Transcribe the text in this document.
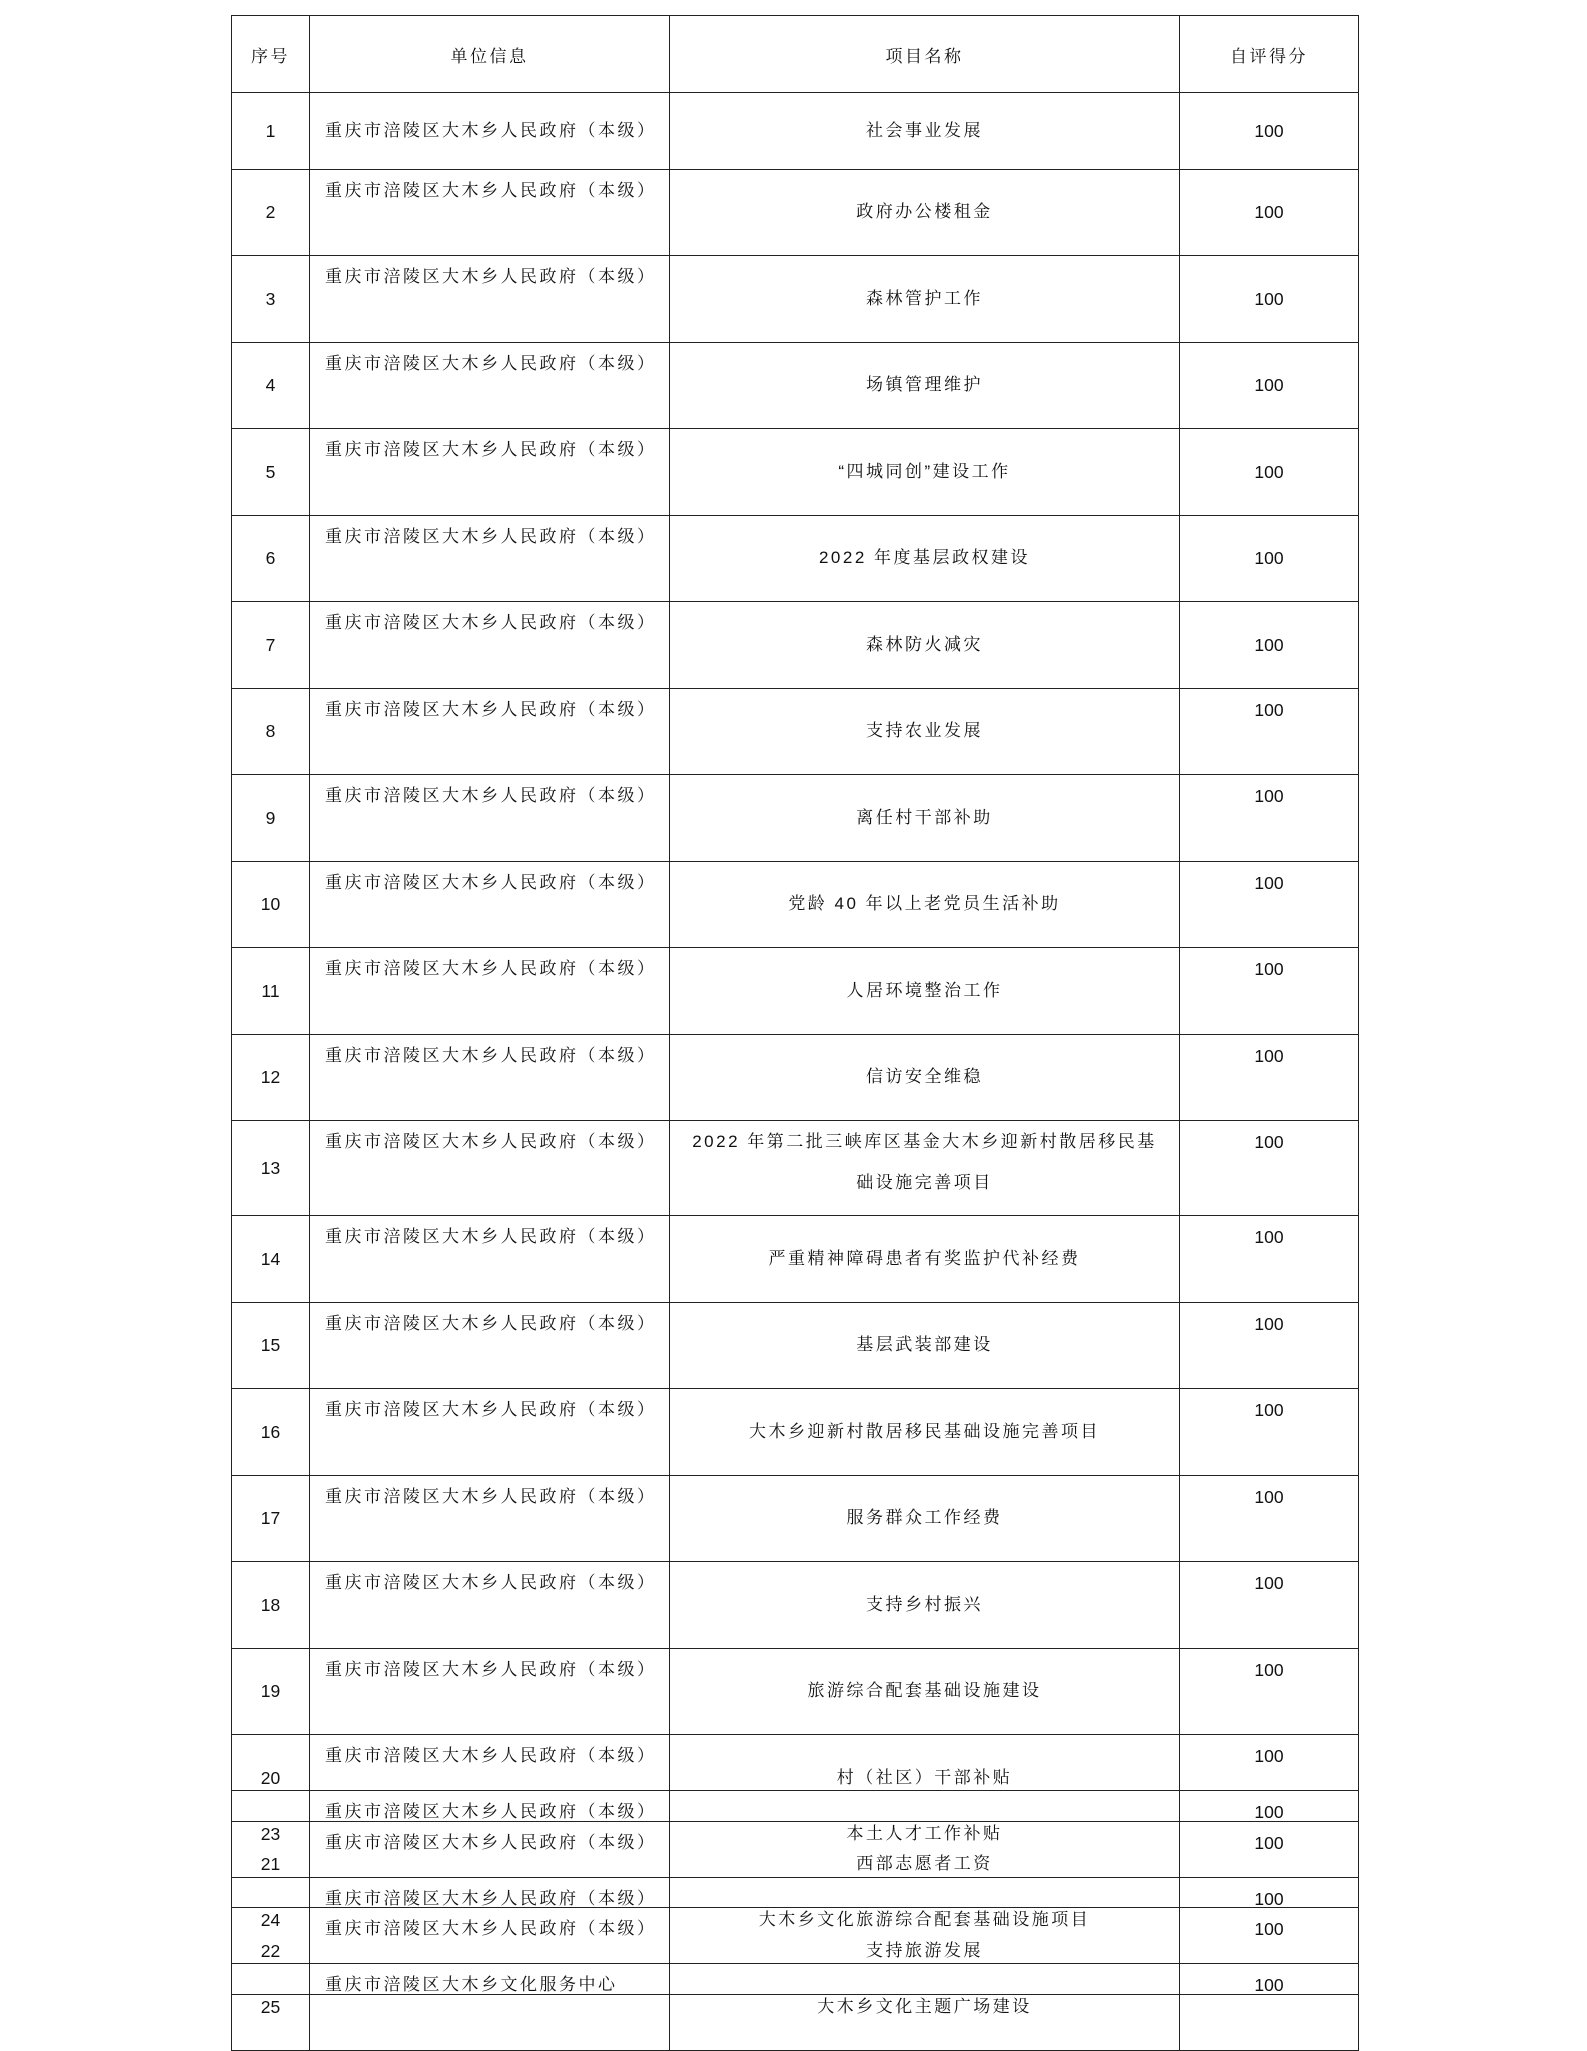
序号	单位信息	项目名称	自评得分
1	重庆市涪陵区大木乡人民政府（本级）	社会事业发展	100
2	重庆市涪陵区大木乡人民政府（本级）	政府办公楼租金	100
3	重庆市涪陵区大木乡人民政府（本级）	森林管护工作	100
4	重庆市涪陵区大木乡人民政府（本级）	场镇管理维护	100
5	重庆市涪陵区大木乡人民政府（本级）	“四城同创”建设工作	100
6	重庆市涪陵区大木乡人民政府（本级）	2022 年度基层政权建设	100
7	重庆市涪陵区大木乡人民政府（本级）	森林防火减灾	100
8	重庆市涪陵区大木乡人民政府（本级）	支持农业发展	100
9	重庆市涪陵区大木乡人民政府（本级）	离任村干部补助	100
10	重庆市涪陵区大木乡人民政府（本级）	党龄 40 年以上老党员生活补助	100
11	重庆市涪陵区大木乡人民政府（本级）	人居环境整治工作	100
12	重庆市涪陵区大木乡人民政府（本级）	信访安全维稳	100
13	重庆市涪陵区大木乡人民政府（本级）	2022 年第二批三峡库区基金大木乡迎新村散居移民基础设施完善项目	100
14	重庆市涪陵区大木乡人民政府（本级）	严重精神障碍患者有奖监护代补经费	100
15	重庆市涪陵区大木乡人民政府（本级）	基层武装部建设	100
16	重庆市涪陵区大木乡人民政府（本级）	大木乡迎新村散居移民基础设施完善项目	100
17	重庆市涪陵区大木乡人民政府（本级）	服务群众工作经费	100
18	重庆市涪陵区大木乡人民政府（本级）	支持乡村振兴	100
19	重庆市涪陵区大木乡人民政府（本级）	旅游综合配套基础设施建设	100
20	重庆市涪陵区大木乡人民政府（本级）	村（社区）干部补贴	100
21	重庆市涪陵区大木乡人民政府（本级）	西部志愿者工资	100
22	重庆市涪陵区大木乡人民政府（本级）	支持旅游发展	100
23	重庆市涪陵区大木乡人民政府（本级）	本土人才工作补贴	100
24	重庆市涪陵区大木乡人民政府（本级）	大木乡文化旅游综合配套基础设施项目	100
25	重庆市涪陵区大木乡文化服务中心	大木乡文化主题广场建设	100
